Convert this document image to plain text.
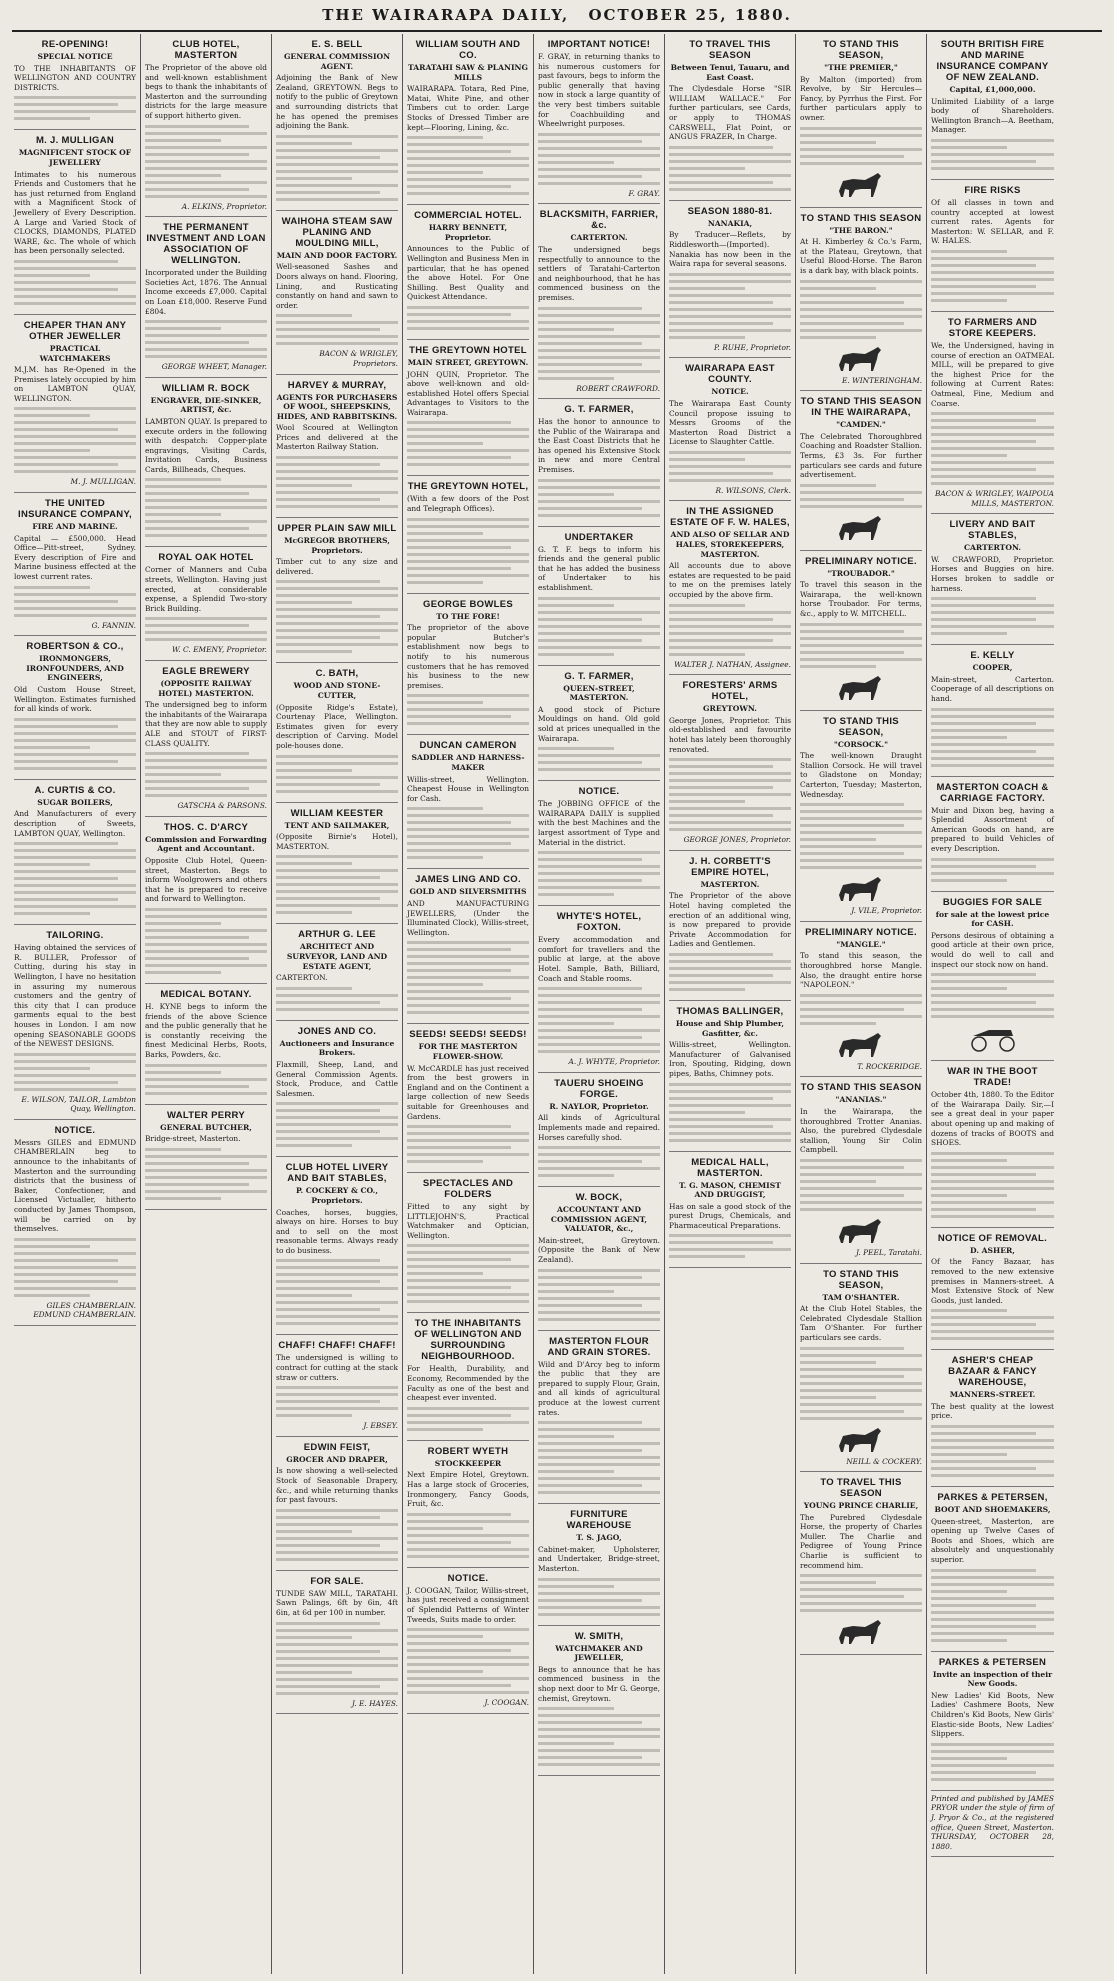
THE WAIRARAPA DAILY, OCTOBER 25, 1880.
RE-OPENING!
SPECIAL NOTICE

TO THE INHABITANTS OF WELLINGTON AND COUNTRY DISTRICTS.

M. J. MULLIGAN
MAGNIFICENT STOCK OF JEWELLERY

Intimates to his numerous Friends and Customers that he has just returned from England with a Magnificent Stock of Jewellery of Every Description. A Large and Varied Stock of CLOCKS, DIAMONDS, PLATED WARE, &c. The whole of which has been personally selected.

CHEAPER THAN ANY OTHER JEWELLER
PRACTICAL WATCHMAKERS

M.J.M. has Re-Opened in the Premises lately occupied by him on LAMBTON QUAY, WELLINGTON.

M. J. MULLIGAN.
THE UNITED INSURANCE COMPANY,
FIRE AND MARINE.

Capital — £500,000. Head Office—Pitt-street, Sydney. Every description of Fire and Marine business effected at the lowest current rates.

G. FANNIN.
ROBERTSON & CO.,
IRONMONGERS, IRONFOUNDERS, AND ENGINEERS,

Old Custom House Street, Wellington. Estimates furnished for all kinds of work.

A. CURTIS & CO.
SUGAR BOILERS,

And Manufacturers of every description of Sweets, LAMBTON QUAY, Wellington.

TAILORING.

Having obtained the services of R. BULLER, Professor of Cutting, during his stay in Wellington, I have no hesitation in assuring my numerous customers and the gentry of this city that I can produce garments equal to the best houses in London. I am now opening SEASONABLE GOODS of the NEWEST DESIGNS.

E. WILSON, TAILOR, Lambton Quay, Wellington.
NOTICE.

Messrs GILES and EDMUND CHAMBERLAIN beg to announce to the inhabitants of Masterton and the surrounding districts that the business of Baker, Confectioner, and Licensed Victualler, hitherto conducted by James Thompson, will be carried on by themselves.

GILES CHAMBERLAIN. EDMUND CHAMBERLAIN.
CLUB HOTEL, MASTERTON

The Proprietor of the above old and well-known establishment begs to thank the inhabitants of Masterton and the surrounding districts for the large measure of support hitherto given.

A. ELKINS, Proprietor.
THE PERMANENT INVESTMENT AND LOAN ASSOCIATION OF WELLINGTON.

Incorporated under the Building Societies Act, 1876. The Annual Income exceeds £7,000. Capital on Loan £18,000. Reserve Fund £804.

GEORGE WHEET, Manager.
WILLIAM R. BOCK
ENGRAVER, DIE-SINKER, ARTIST, &c.

LAMBTON QUAY. Is prepared to execute orders in the following with despatch: Copper-plate engravings, Visiting Cards, Invitation Cards, Business Cards, Billheads, Cheques.

ROYAL OAK HOTEL

Corner of Manners and Cuba streets, Wellington. Having just erected, at considerable expense, a Splendid Two-story Brick Building.

W. C. EMENY, Proprietor.
EAGLE BREWERY
(OPPOSITE RAILWAY HOTEL) MASTERTON.

The undersigned beg to inform the inhabitants of the Wairarapa that they are now able to supply ALE and STOUT of FIRST-CLASS QUALITY.

GATSCHA & PARSONS.
THOS. C. D'ARCY
Commission and Forwarding Agent and Accountant.

Opposite Club Hotel, Queen-street, Masterton. Begs to inform Woolgrowers and others that he is prepared to receive and forward to Wellington.

MEDICAL BOTANY.

H. KYNE begs to inform the friends of the above Science and the public generally that he is constantly receiving the finest Medicinal Herbs, Roots, Barks, Powders, &c.

WALTER PERRY
GENERAL BUTCHER,

Bridge-street, Masterton.

E. S. BELL
GENERAL COMMISSION AGENT.

Adjoining the Bank of New Zealand, GREYTOWN. Begs to notify to the public of Greytown and surrounding districts that he has opened the premises adjoining the Bank.

WAIHOHA STEAM SAW PLANING AND MOULDING MILL,
MAIN AND DOOR FACTORY.

Well-seasoned Sashes and Doors always on hand. Flooring, Lining, and Rusticating constantly on hand and sawn to order.

BACON & WRIGLEY, Proprietors.
HARVEY & MURRAY,
AGENTS FOR PURCHASERS OF WOOL, SHEEPSKINS, HIDES, AND RABBITSKINS.

Wool Scoured at Wellington Prices and delivered at the Masterton Railway Station.

UPPER PLAIN SAW MILL
McGREGOR BROTHERS, Proprietors.

Timber cut to any size and delivered.

C. BATH,
WOOD AND STONE-CUTTER,

(Opposite Ridge's Estate), Courtenay Place, Wellington. Estimates given for every description of Carving. Model pole-houses done.

WILLIAM KEESTER
TENT AND SAILMAKER,

(Opposite Birnie's Hotel), MASTERTON.

ARTHUR G. LEE
ARCHITECT AND SURVEYOR, LAND AND ESTATE AGENT,

CARTERTON.

JONES AND CO.
Auctioneers and Insurance Brokers.

Flaxmill, Sheep, Land, and General Commission Agents. Stock, Produce, and Cattle Salesmen.

CLUB HOTEL LIVERY AND BAIT STABLES,
P. COCKERY & CO., Proprietors.

Coaches, horses, buggies, always on hire. Horses to buy and to sell on the most reasonable terms. Always ready to do business.

CHAFF! CHAFF! CHAFF!

The undersigned is willing to contract for cutting at the stack straw or cutters.

J. EBSEY.
EDWIN FEIST,
GROCER AND DRAPER,

Is now showing a well-selected Stock of Seasonable Drapery, &c., and while returning thanks for past favours.

FOR SALE.

TUNDE SAW MILL, TARATAHI. Sawn Palings, 6ft by 6in, 4ft 6in, at 6d per 100 in number.

J. E. HAYES.
WILLIAM SOUTH AND CO.
TARATAHI SAW & PLANING MILLS

WAIRARAPA. Totara, Red Pine, Matai, White Pine, and other Timbers cut to order. Large Stocks of Dressed Timber are kept—Flooring, Lining, &c.

COMMERCIAL HOTEL.
HARRY BENNETT, Proprietor.

Announces to the Public of Wellington and Business Men in particular, that he has opened the above Hotel. For One Shilling. Best Quality and Quickest Attendance.

THE GREYTOWN HOTEL
MAIN STREET, GREYTOWN.

JOHN QUIN, Proprietor. The above well-known and old-established Hotel offers Special Advantages to Visitors to the Wairarapa.

THE GREYTOWN HOTEL,

(With a few doors of the Post and Telegraph Offices).

GEORGE BOWLES
TO THE FORE!

The proprietor of the above popular Butcher's establishment now begs to notify to his numerous customers that he has removed his business to the new premises.

DUNCAN CAMERON
SADDLER AND HARNESS-MAKER

Willis-street, Wellington. Cheapest House in Wellington for Cash.

JAMES LING AND CO.
GOLD AND SILVERSMITHS

AND MANUFACTURING JEWELLERS, (Under the Illuminated Clock), Willis-street, Wellington.

SEEDS! SEEDS! SEEDS!
FOR THE MASTERTON FLOWER-SHOW.

W. McCARDLE has just received from the best growers in England and on the Continent a large collection of new Seeds suitable for Greenhouses and Gardens.

SPECTACLES AND FOLDERS

Fitted to any sight by LITTLEJOHN'S, Practical Watchmaker and Optician, Wellington.

TO THE INHABITANTS OF WELLINGTON AND SURROUNDING NEIGHBOURHOOD.

For Health, Durability, and Economy, Recommended by the Faculty as one of the best and cheapest ever invented.

ROBERT WYETH
STOCKKEEPER

Next Empire Hotel, Greytown. Has a large stock of Groceries, Ironmongery, Fancy Goods, Fruit, &c.

NOTICE.

J. COOGAN, Tailor, Willis-street, has just received a consignment of Splendid Patterns of Winter Tweeds, Suits made to order.

J. COOGAN.
IMPORTANT NOTICE!

F. GRAY, in returning thanks to his numerous customers for past favours, begs to inform the public generally that having now in stock a large quantity of the very best timbers suitable for Coachbuilding and Wheelwright purposes.

F. GRAY.
BLACKSMITH, FARRIER, &c.
CARTERTON.

The undersigned begs respectfully to announce to the settlers of Taratahi-Carterton and neighbourhood, that he has commenced business on the premises.

ROBERT CRAWFORD.
G. T. FARMER,

Has the honor to announce to the Public of the Wairarapa and the East Coast Districts that he has opened his Extensive Stock in new and more Central Premises.

UNDERTAKER

G. T. F. begs to inform his friends and the general public that he has added the business of Undertaker to his establishment.

G. T. FARMER,
QUEEN-STREET, MASTERTON.

A good stock of Picture Mouldings on hand. Old gold sold at prices unequalled in the Wairarapa.

NOTICE.

The JOBBING OFFICE of the WAIRARAPA DAILY is supplied with the best Machines and the largest assortment of Type and Material in the district.

WHYTE'S HOTEL, FOXTON.

Every accommodation and comfort for travellers and the public at large, at the above Hotel. Sample, Bath, Billiard, Coach and Stable rooms.

A. J. WHYTE, Proprietor.
TAUERU SHOEING FORGE.
R. NAYLOR, Proprietor.

All kinds of Agricultural Implements made and repaired. Horses carefully shod.

W. BOCK,
ACCOUNTANT AND COMMISSION AGENT, VALUATOR, &c.,

Main-street, Greytown. (Opposite the Bank of New Zealand).

MASTERTON FLOUR AND GRAIN STORES.

Wild and D'Arcy beg to inform the public that they are prepared to supply Flour, Grain, and all kinds of agricultural produce at the lowest current rates.

FURNITURE WAREHOUSE
T. S. JAGO,

Cabinet-maker, Upholsterer, and Undertaker, Bridge-street, Masterton.

W. SMITH,
WATCHMAKER AND JEWELLER,

Begs to announce that he has commenced business in the shop next door to Mr G. George, chemist, Greytown.

TO TRAVEL THIS SEASON
Between Tenui, Tauaru, and East Coast.

The Clydesdale Horse "SIR WILLIAM WALLACE." For further particulars, see Cards, or apply to THOMAS CARSWELL, Flat Point, or ANGUS FRAZER, In Charge.

SEASON 1880-81.
NANAKIA,

By Traducer—Reflets, by Riddlesworth—(Imported). Nanakia has now been in the Waira rapa for several seasons.

P. RUHE, Proprietor.
WAIRARAPA EAST COUNTY.
NOTICE.

The Wairarapa East County Council propose issuing to Messrs Grooms of the Masterton Road District a License to Slaughter Cattle.

R. WILSONS, Clerk.
IN THE ASSIGNED ESTATE OF F. W. HALES,
AND ALSO OF SELLAR AND HALES, STOREKEEPERS, MASTERTON.

All accounts due to above estates are requested to be paid to me on the premises lately occupied by the above firm.

WALTER J. NATHAN, Assignee.
FORESTERS' ARMS HOTEL,
GREYTOWN.

George Jones, Proprietor. This old-established and favourite hotel has lately been thoroughly renovated.

GEORGE JONES, Proprietor.
J. H. CORBETT'S EMPIRE HOTEL,
MASTERTON.

The Proprietor of the above Hotel having completed the erection of an additional wing, is now prepared to provide Private Accommodation for Ladies and Gentlemen.

THOMAS BALLINGER,
House and Ship Plumber, Gasfitter, &c.

Willis-street, Wellington. Manufacturer of Galvanised Iron, Spouting, Ridging, down pipes, Baths, Chimney pots.

MEDICAL HALL, MASTERTON.
T. G. MASON, CHEMIST AND DRUGGIST,

Has on sale a good stock of the purest Drugs, Chemicals, and Pharmaceutical Preparations.

TO STAND THIS SEASON,
"THE PREMIER,"

By Malton (imported) from Revolve, by Sir Hercules—Fancy, by Pyrrhus the First. For further particulars apply to owner.

TO STAND THIS SEASON
"THE BARON."

At H. Kimberley & Co.'s Farm, at the Plateau, Greytown, that Useful Blood-Horse. The Baron is a dark bay, with black points.

E. WINTERINGHAM.
TO STAND THIS SEASON IN THE WAIRARAPA,
"CAMDEN."

The Celebrated Thoroughbred Coaching and Roadster Stallion. Terms, £3 3s. For further particulars see cards and future advertisement.

PRELIMINARY NOTICE.
"TROUBADOR."

To travel this season in the Wairarapa, the well-known horse Troubador. For terms, &c., apply to W. MITCHELL.

TO STAND THIS SEASON,
"CORSOCK."

The well-known Draught Stallion Corsock. He will travel to Gladstone on Monday; Carterton, Tuesday; Masterton, Wednesday.

J. VILE, Proprietor.
PRELIMINARY NOTICE.
"MANGLE."

To stand this season, the thoroughbred horse Mangle. Also, the draught entire horse "NAPOLEON."

T. ROCKERIDGE.
TO STAND THIS SEASON
"ANANIAS."

In the Wairarapa, the thoroughbred Trotter Ananias. Also, the purebred Clydesdale stallion, Young Sir Colin Campbell.

J. PEEL, Taratahi.
TO STAND THIS SEASON,
TAM O'SHANTER.

At the Club Hotel Stables, the Celebrated Clydesdale Stallion Tam O'Shanter. For further particulars see cards.

NEILL & COCKERY.
TO TRAVEL THIS SEASON
YOUNG PRINCE CHARLIE,

The Purebred Clydesdale Horse, the property of Charles Muller. The Charlie and Pedigree of Young Prince Charlie is sufficient to recommend him.

SOUTH BRITISH FIRE AND MARINE INSURANCE COMPANY OF NEW ZEALAND.
Capital, £1,000,000.

Unlimited Liability of a large body of Shareholders. Wellington Branch—A. Beetham, Manager.

FIRE RISKS

Of all classes in town and country accepted at lowest current rates. Agents for Masterton: W. SELLAR, and F. W. HALES.

TO FARMERS AND STORE KEEPERS.

We, the Undersigned, having in course of erection an OATMEAL MILL, will be prepared to give the highest Price for the following at Current Rates: Oatmeal, Fine, Medium and Coarse.

BACON & WRIGLEY, WAIPOUA MILLS, MASTERTON.
LIVERY AND BAIT STABLES,
CARTERTON.

W. CRAWFORD, Proprietor. Horses and Buggies on hire. Horses broken to saddle or harness.

E. KELLY
COOPER,

Main-street, Carterton. Cooperage of all descriptions on hand.

MASTERTON COACH & CARRIAGE FACTORY.

Muir and Dixon beg, having a Splendid Assortment of American Goods on hand, are prepared to build Vehicles of every Description.

BUGGIES FOR SALE
for sale at the lowest price for CASH.

Persons desirous of obtaining a good article at their own price, would do well to call and inspect our stock now on hand.

WAR IN THE BOOT TRADE!

October 4th, 1880. To the Editor of the Wairarapa Daily. Sir,—I see a great deal in your paper about opening up and making of dozens of tracks of BOOTS and SHOES.

NOTICE OF REMOVAL.
D. ASHER,

Of the Fancy Bazaar, has removed to the new extensive premises in Manners-street. A Most Extensive Stock of New Goods, just landed.

ASHER'S CHEAP BAZAAR & FANCY WAREHOUSE,
MANNERS-STREET.

The best quality at the lowest price.

PARKES & PETERSEN,
BOOT AND SHOEMAKERS,

Queen-street, Masterton, are opening up Twelve Cases of Boots and Shoes, which are absolutely and unquestionably superior.

PARKES & PETERSEN
Invite an inspection of their New Goods.

New Ladies' Kid Boots, New Ladies' Cashmere Boots, New Children's Kid Boots, New Girls' Elastic-side Boots, New Ladies' Slippers.

Printed and published by JAMES PRYOR under the style of firm of J. Pryor & Co., at the registered office, Queen Street, Masterton. THURSDAY, OCTOBER 28, 1880.
